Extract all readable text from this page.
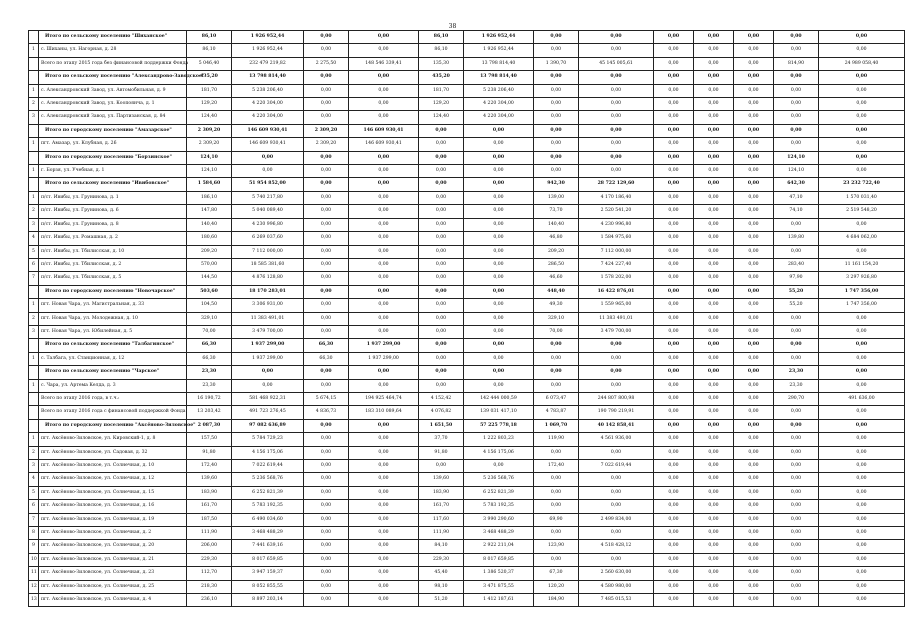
38
	Итого по сельскому поселению "Шиханское"	86,10	1 926 952,44	0,00	0,00	86,10	1 926 952,44	0,00	0,00	0,00	0,00	0,00	0,00	0,00
1	с. Шиханы, ул. Нагорная, д. 28	86,10	1 926 952,44	0,00	0,00	86,10	1 926 952,44	0,00	0,00	0,00	0,00	0,00	0,00	0,00
	Всего по этапу 2015 года без финансовой поддержки Фонда	5 046,40	232 479 219,82	2 275,50	148 546 339,41	135,30	13 798 814,40	1 390,70	45 145 005,61	0,00	0,00	0,00	814,90	24 989 058,40
	Итого по сельскому поселению "Александрово-Заводское"	435,20	13 798 814,40	0,00	0,00	435,20	13 798 814,40	0,00	0,00	0,00	0,00	0,00	0,00	0,00
1	с. Александровский Завод, ул. Автомобильная, д. 9	181,70	5 238 206,40	0,00	0,00	181,70	5 238 206,40	0,00	0,00	0,00	0,00	0,00	0,00	0,00
2	с. Александровский Завод, ул. Коопоянча, д. 1	129,20	4 220 304,00	0,00	0,00	129,20	4 220 304,00	0,00	0,00	0,00	0,00	0,00	0,00	0,00
3	с. Александровский Завод, ул. Партизанская, д. 84	124,40	4 220 304,00	0,00	0,00	124,40	4 220 304,00	0,00	0,00	0,00	0,00	0,00	0,00	0,00
	Итого по городскому поселению "Амазарское"	2 309,20	146 609 930,41	2 309,20	146 609 930,41	0,00	0,00	0,00	0,00	0,00	0,00	0,00	0,00	0,00
1	пгт. Амазар, ул. Клубная, д. 26	2 309,20	146 609 930,41	2 309,20	146 609 930,41	0,00	0,00	0,00	0,00	0,00	0,00	0,00	0,00	0,00
	Итого по городскому поселению "Борзинское"	124,10	0,00	0,00	0,00	0,00	0,00	0,00	0,00	0,00	0,00	0,00	124,10	0,00
1	г. Борзя, ул. Учебная, д. 1	124,10	0,00	0,00	0,00	0,00	0,00	0,00	0,00	0,00	0,00	0,00	124,10	0,00
	Итого по сельскому поселению "Ивибовское"	1 584,60	51 954 852,00	0,00	0,00	0,00	0,00	942,30	28 722 129,60	0,00	0,00	0,00	642,30	23 232 722,40
1	п/ст. Ивибы, ул. Грунинова, д. 1	186,10	5 740 217,80	0,00	0,00	0,00	0,00	139,00	4 170 186,40	0,00	0,00	0,00	47,10	1 570 031,40
2	п/ст. Ивибы, ул. Грунинова, д. 6	147,80	5 040 089,40	0,00	0,00	0,00	0,00	73,70	2 520 541,20	0,00	0,00	0,00	74,10	2 519 548,20
3	п/ст. Ивибы, ул. Грунинова, д. 8	140,40	4 230 996,80	0,00	0,00	0,00	0,00	140,40	4 230 996,80	0,00	0,00	0,00	0,00	0,00
4	п/ст. Ивибы, ул. Ромашная, д. 2	180,60	6 269 037,60	0,00	0,00	0,00	0,00	46,80	1 584 975,60	0,00	0,00	0,00	139,80	4 684 062,00
5	п/ст. Ивибы, ул. Тбилисская, д. 10	209,20	7 112 000,00	0,00	0,00	0,00	0,00	209,20	7 112 000,00	0,00	0,00	0,00	0,00	0,00
6	п/ст. Ивибы, ул. Тбилисская, д. 2	570,00	18 585 381,60	0,00	0,00	0,00	0,00	286,50	7 424 227,40	0,00	0,00	0,00	283,40	11 161 154,20
7	п/ст. Ивибы, ул. Тбилисская, д. 5	144,50	4 876 128,80	0,00	0,00	0,00	0,00	46,60	1 578 202,00	0,00	0,00	0,00	97,90	3 297 926,80
	Итого по городскому поселению "Новочарское"	503,60	18 170 283,01	0,00	0,00	0,00	0,00	448,40	16 422 876,01	0,00	0,00	0,00	55,20	1 747 356,00
1	пгт. Новая Чара, ул. Магистральная, д. 33	104,50	3 306 931,00	0,00	0,00	0,00	0,00	49,30	1 559 965,00	0,00	0,00	0,00	55,20	1 747 356,00
2	пгт. Новая Чара, ул. Молодежная, д. 10	329,10	11 383 491,01	0,00	0,00	0,00	0,00	329,10	11 383 491,01	0,00	0,00	0,00	0,00	0,00
3	пгт. Новая Чара, ул. Юбилейная, д. 5	70,00	3 479 700,00	0,00	0,00	0,00	0,00	70,00	3 479 700,00	0,00	0,00	0,00	0,00	0,00
	Итого по сельскому поселению "Талбагинское"	66,30	1 937 299,00	66,30	1 937 299,00	0,00	0,00	0,00	0,00	0,00	0,00	0,00	0,00	0,00
1	с. Талбага, ул. Станционная, д. 12	66,30	1 937 299,00	66,30	1 937 299,00	0,00	0,00	0,00	0,00	0,00	0,00	0,00	0,00	0,00
	Итого по сельскому поселению "Чарское"	23,30	0,00	0,00	0,00	0,00	0,00	0,00	0,00	0,00	0,00	0,00	23,30	0,00
1	с. Чара, ул. Артема Келда, д. 3	23,30	0,00	0,00	0,00	0,00	0,00	0,00	0,00	0,00	0,00	0,00	23,30	0,00
	Всего по этапу 2016 года, в т.ч.:	16 190,72	581 468 922,31	5 674,15	194 925 464,74	4 152,42	142 444 000,59	6 073,47	244 807 800,98	0,00	0,00	0,00	290,70	491 636,00
	Всего по этапу 2016 года с финансовой поддержкой Фонда	13 203,42	491 723 276,45	4 836,73	183 310 089,64	4 076,82	139 031 417,10	4 783,87	190 790 219,91	0,00	0,00	0,00	0,00	0,00
	Итого по городскому поселению "Аксёново-Зиловское"	2 087,30	97 082 636,89	0,00	0,00	1 651,50	57 225 778,18	1 069,70	40 142 858,41	0,00	0,00	0,00	0,00	0,00
1	пгт. Аксёново-Зиловское, ул. Кировский-1, д. 8	157,50	5 784 729,23	0,00	0,00	37,70	1 222 803,23	119,90	4 561 936,00	0,00	0,00	0,00	0,00	0,00
2	пгт. Аксёново-Зиловское, ул. Садовая, д. 32	91,80	4 156 175,06	0,00	0,00	91,80	4 156 175,06	0,00	0,00	0,00	0,00	0,00	0,00	0,00
3	пгт. Аксёново-Зиловское, ул. Солнечная, д. 10	172,40	7 022 619,44	0,00	0,00	0,00	0,00	172,40	7 022 619,44	0,00	0,00	0,00	0,00	0,00
4	пгт. Аксёново-Зиловское, ул. Солнечная, д. 12	139,60	5 236 568,76	0,00	0,00	139,60	5 236 568,76	0,00	0,00	0,00	0,00	0,00	0,00	0,00
5	пгт. Аксёново-Зиловское, ул. Солнечная, д. 15	183,90	6 252 821,39	0,00	0,00	183,90	6 252 821,39	0,00	0,00	0,00	0,00	0,00	0,00	0,00
6	пгт. Аксёново-Зиловское, ул. Солнечная, д. 16	161,70	5 783 192,35	0,00	0,00	161,70	5 783 192,35	0,00	0,00	0,00	0,00	0,00	0,00	0,00
7	пгт. Аксёново-Зиловское, ул. Солнечная, д. 19	187,50	6 490 034,60	0,00	0,00	117,60	3 990 290,60	69,90	2 499 834,00	0,00	0,00	0,00	0,00	0,00
8	пгт. Аксёново-Зиловское, ул. Солнечная, д. 2	111,90	3 468 488,29	0,00	0,00	111,90	3 468 488,29	0,00	0,00	0,00	0,00	0,00	0,00	0,00
9	пгт. Аксёново-Зиловское, ул. Солнечная, д. 20	206,00	7 441 639,16	0,00	0,00	84,10	2 922 211,04	123,90	4 518 428,12	0,00	0,00	0,00	0,00	0,00
10	пгт. Аксёново-Зиловское, ул. Солнечная, д. 21	229,30	8 017 659,85	0,00	0,00	229,30	8 017 659,85	0,00	0,00	0,00	0,00	0,00	0,00	0,00
11	пгт. Аксёново-Зиловское, ул. Солнечная, д. 23	112,70	3 947 159,37	0,00	0,00	45,40	1 386 520,37	67,30	2 560 630,00	0,00	0,00	0,00	0,00	0,00
12	пгт. Аксёново-Зиловское, ул. Солнечная, д. 25	218,30	8 052 855,55	0,00	0,00	98,10	3 471 875,55	120,20	4 580 980,00	0,00	0,00	0,00	0,00	0,00
13	пгт. Аксёново-Зиловское, ул. Солнечная, д. 4	236,10	8 897 203,14	0,00	0,00	51,20	1 412 187,61	184,90	7 485 015,53	0,00	0,00	0,00	0,00	0,00
